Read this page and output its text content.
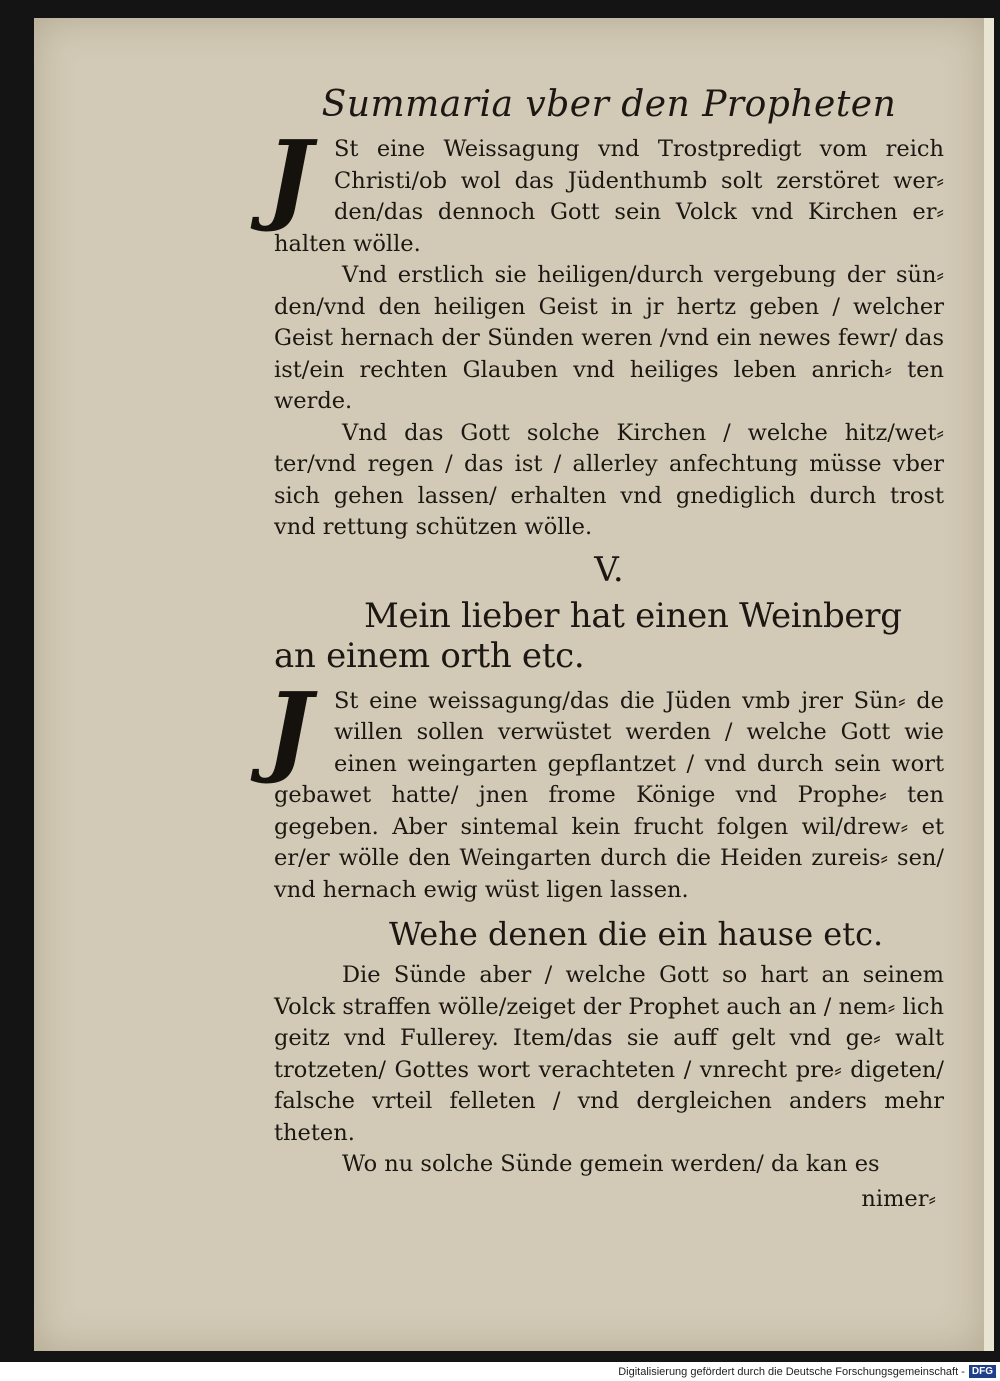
Summaria vber den Propheten
J St eine Weissagung vnd Trostpredigt vom reich Christi/ob wol das Jüdenthumb solt zerstöret wer⸗ den/das dennoch Gott sein Volck vnd Kirchen er⸗ halten wölle.

Vnd erstlich sie heiligen/durch vergebung der sün⸗ den/vnd den heiligen Geist in jr hertz geben / welcher Geist hernach der Sünden weren /vnd ein newes fewr/ das ist/ein rechten Glauben vnd heiliges leben anrich⸗ ten werde.

Vnd das Gott solche Kirchen / welche hitz/wet⸗ ter/vnd regen / das ist / allerley anfechtung müsse vber sich gehen lassen/ erhalten vnd gnediglich durch trost vnd rettung schützen wölle.

V.
Mein lieber hat einen Weinberg an einem orth etc.
J St eine weissagung/das die Jüden vmb jrer Sün⸗ de willen sollen verwüstet werden / welche Gott wie einen weingarten gepflantzet / vnd durch sein wort gebawet hatte/ jnen frome Könige vnd Prophe⸗ ten gegeben. Aber sintemal kein frucht folgen wil/drew⸗ et er/er wölle den Weingarten durch die Heiden zureis⸗ sen/ vnd hernach ewig wüst ligen lassen.

Wehe denen die ein hause etc.

Die Sünde aber / welche Gott so hart an seinem Volck straffen wölle/zeiget der Prophet auch an / nem⸗ lich geitz vnd Fullerey. Item/das sie auff gelt vnd ge⸗ walt trotzeten/ Gottes wort verachteten / vnrecht pre⸗ digeten/ falsche vrteil felleten / vnd dergleichen anders mehr theten.

Wo nu solche Sünde gemein werden/ da kan es

nimer⸗
Digitalisierung gefördert durch die Deutsche Forschungsgemeinschaft - DFG
